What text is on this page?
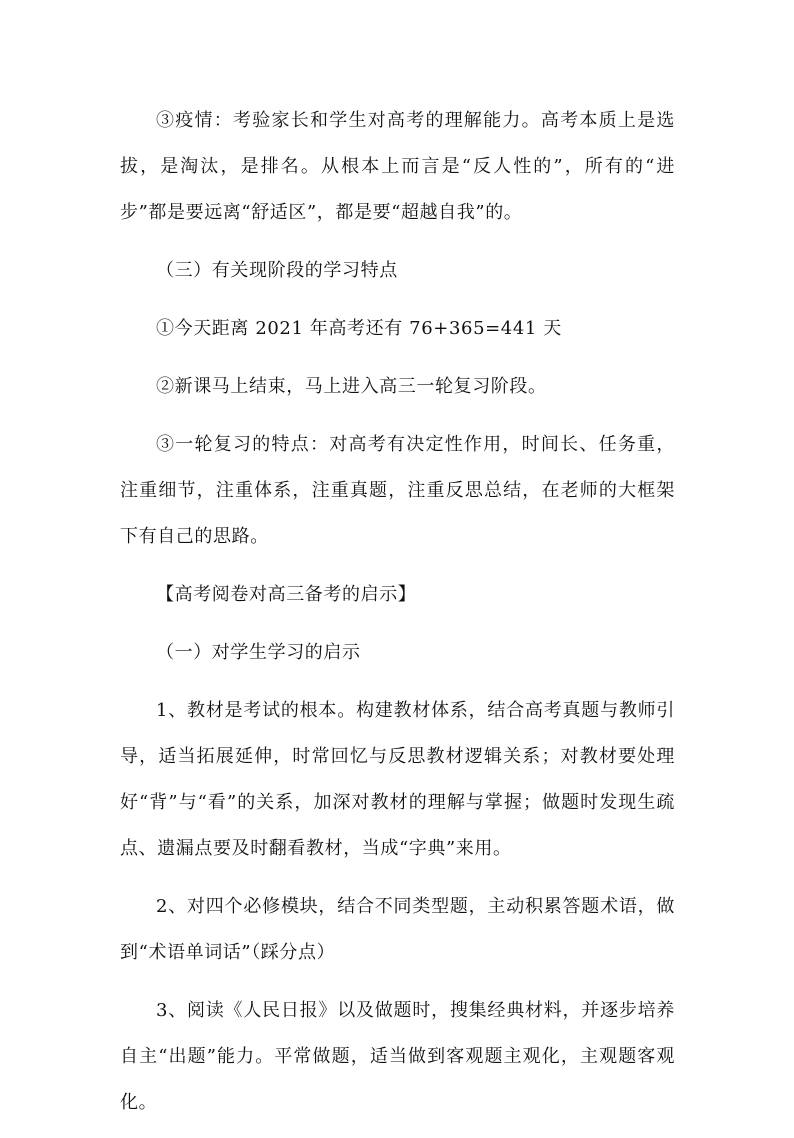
③疫情：考验家长和学生对高考的理解能力。高考本质上是选拔，是淘汰，是排名。从根本上而言是“反人性的”，所有的“进步”都是要远离“舒适区”，都是要“超越自我”的。

（三）有关现阶段的学习特点

①今天距离 2021 年高考还有 76+365=441 天

②新课马上结束，马上进入高三一轮复习阶段。

③一轮复习的特点：对高考有决定性作用，时间长、任务重，注重细节，注重体系，注重真题，注重反思总结，在老师的大框架下有自己的思路。

【高考阅卷对高三备考的启示】

（一）对学生学习的启示

1、教材是考试的根本。构建教材体系，结合高考真题与教师引导，适当拓展延伸，时常回忆与反思教材逻辑关系；对教材要处理好“背”与“看”的关系，加深对教材的理解与掌握；做题时发现生疏点、遗漏点要及时翻看教材，当成“字典”来用。

2、对四个必修模块，结合不同类型题，主动积累答题术语，做到“术语单词话”（踩分点）

3、阅读《人民日报》以及做题时，搜集经典材料，并逐步培养自主“出题”能力。平常做题，适当做到客观题主观化，主观题客观化。
